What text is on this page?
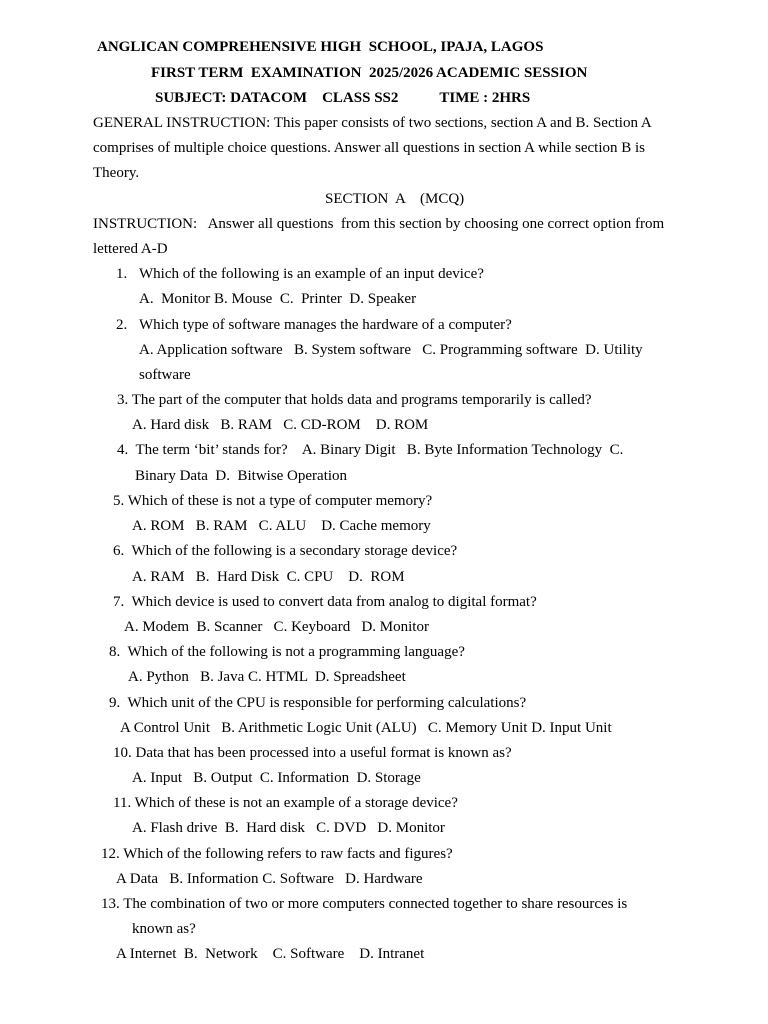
ANGLICAN COMPREHENSIVE HIGH  SCHOOL, IPAJA, LAGOS
FIRST TERM  EXAMINATION  2025/2026 ACADEMIC SESSION
SUBJECT: DATACOM    CLASS SS2           TIME : 2HRS
GENERAL INSTRUCTION: This paper consists of two sections, section A and B. Section A
comprises of multiple choice questions. Answer all questions in section A while section B is
Theory.
SECTION  A    (MCQ)
INSTRUCTION:   Answer all questions  from this section by choosing one correct option from
lettered A-D
1. Which of the following is an example of an input device?
A.  Monitor B. Mouse  C.  Printer  D. Speaker
2. Which type of software manages the hardware of a computer?
A. Application software   B. System software   C. Programming software  D. Utility
software
3. The part of the computer that holds data and programs temporarily is called?
A. Hard disk   B. RAM   C. CD-ROM    D. ROM
4.  The term ‘bit’ stands for?    A. Binary Digit   B. Byte Information Technology  C.
Binary Data  D.  Bitwise Operation
5. Which of these is not a type of computer memory?
A. ROM   B. RAM   C. ALU    D. Cache memory
6.  Which of the following is a secondary storage device?
A. RAM   B.  Hard Disk  C. CPU    D.  ROM
7.  Which device is used to convert data from analog to digital format?
A. Modem  B. Scanner   C. Keyboard   D. Monitor
8.  Which of the following is not a programming language?
A. Python   B. Java C. HTML  D. Spreadsheet
9.  Which unit of the CPU is responsible for performing calculations?
A Control Unit   B. Arithmetic Logic Unit (ALU)   C. Memory Unit D. Input Unit
10. Data that has been processed into a useful format is known as?
A. Input   B. Output  C. Information  D. Storage
11. Which of these is not an example of a storage device?
A. Flash drive  B.  Hard disk   C. DVD   D. Monitor
12. Which of the following refers to raw facts and figures?
A Data   B. Information C. Software   D. Hardware
13. The combination of two or more computers connected together to share resources is
known as?
A Internet  B.  Network    C. Software    D. Intranet
